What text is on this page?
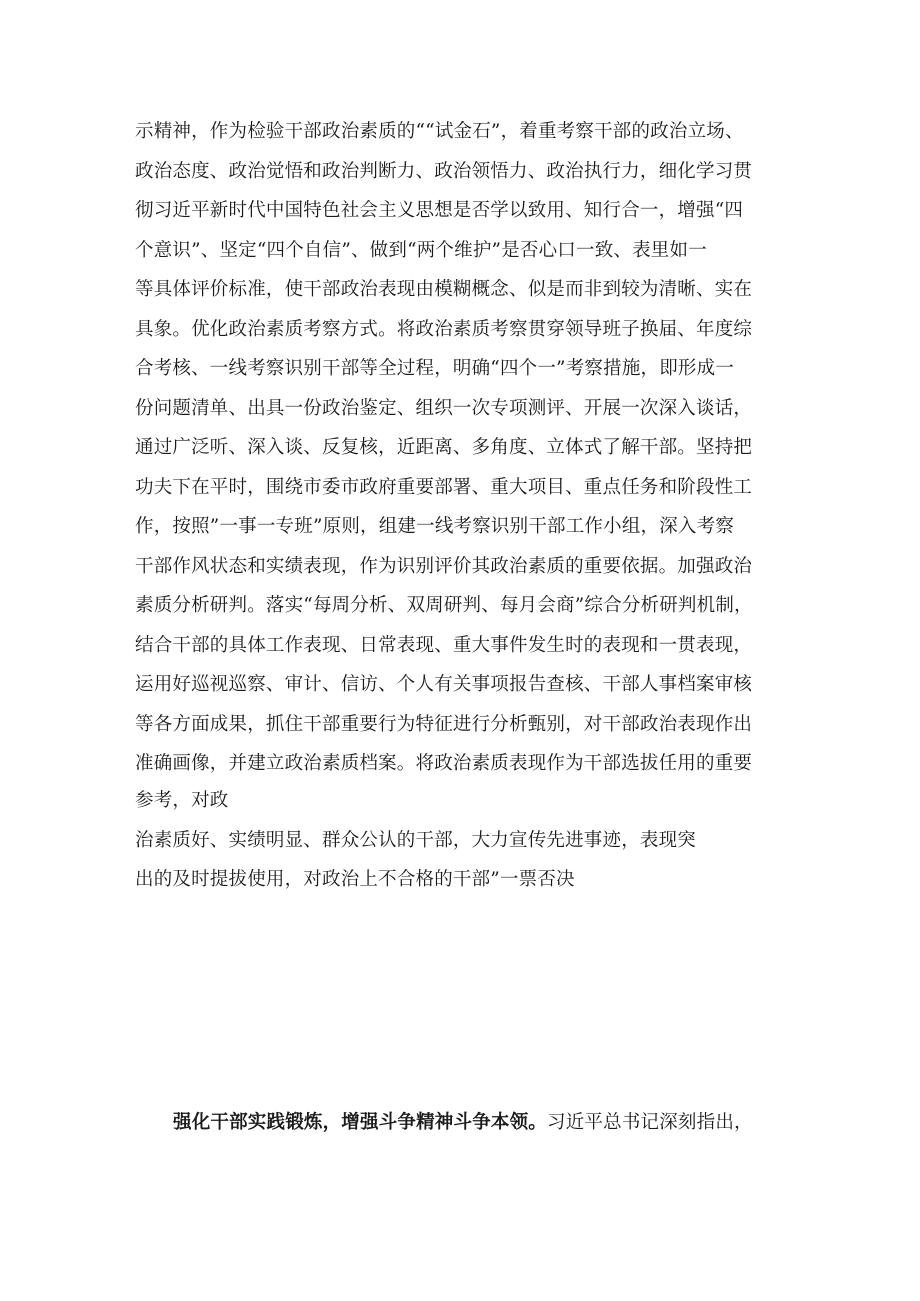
示精神，作为检验干部政治素质的““试金石”，着重考察干部的政治立场、
政治态度、政治觉悟和政治判断力、政治领悟力、政治执行力，细化学习贯
彻习近平新时代中国特色社会主义思想是否学以致用、知行合一，增强“四
个意识”、坚定“四个自信”、做到“两个维护”是否心口一致、表里如一
等具体评价标准，使干部政治表现由模糊概念、似是而非到较为清晰、实在
具象。优化政治素质考察方式。将政治素质考察贯穿领导班子换届、年度综
合考核、一线考察识别干部等全过程，明确“四个一”考察措施，即形成一
份问题清单、出具一份政治鉴定、组织一次专项测评、开展一次深入谈话，
通过广泛听、深入谈、反复核，近距离、多角度、立体式了解干部。坚持把
功夫下在平时，围绕市委市政府重要部署、重大项目、重点任务和阶段性工
作，按照”一事一专班”原则，组建一线考察识别干部工作小组，深入考察
干部作风状态和实绩表现，作为识别评价其政治素质的重要依据。加强政治
素质分析研判。落实“每周分析、双周研判、每月会商”综合分析研判机制，
结合干部的具体工作表现、日常表现、重大事件发生时的表现和一贯表现，
运用好巡视巡察、审计、信访、个人有关事项报告查核、干部人事档案审核
等各方面成果，抓住干部重要行为特征进行分析甄别，对干部政治表现作出
准确画像，并建立政治素质档案。将政治素质表现作为干部选拔任用的重要
参考，对政
治素质好、实绩明显、群众公认的干部，大力宣传先进事迹，表现突
出的及时提拔使用，对政治上不合格的干部”一票否决
强化干部实践锻炼，增强斗争精神斗争本领。习近平总书记深刻指出，
